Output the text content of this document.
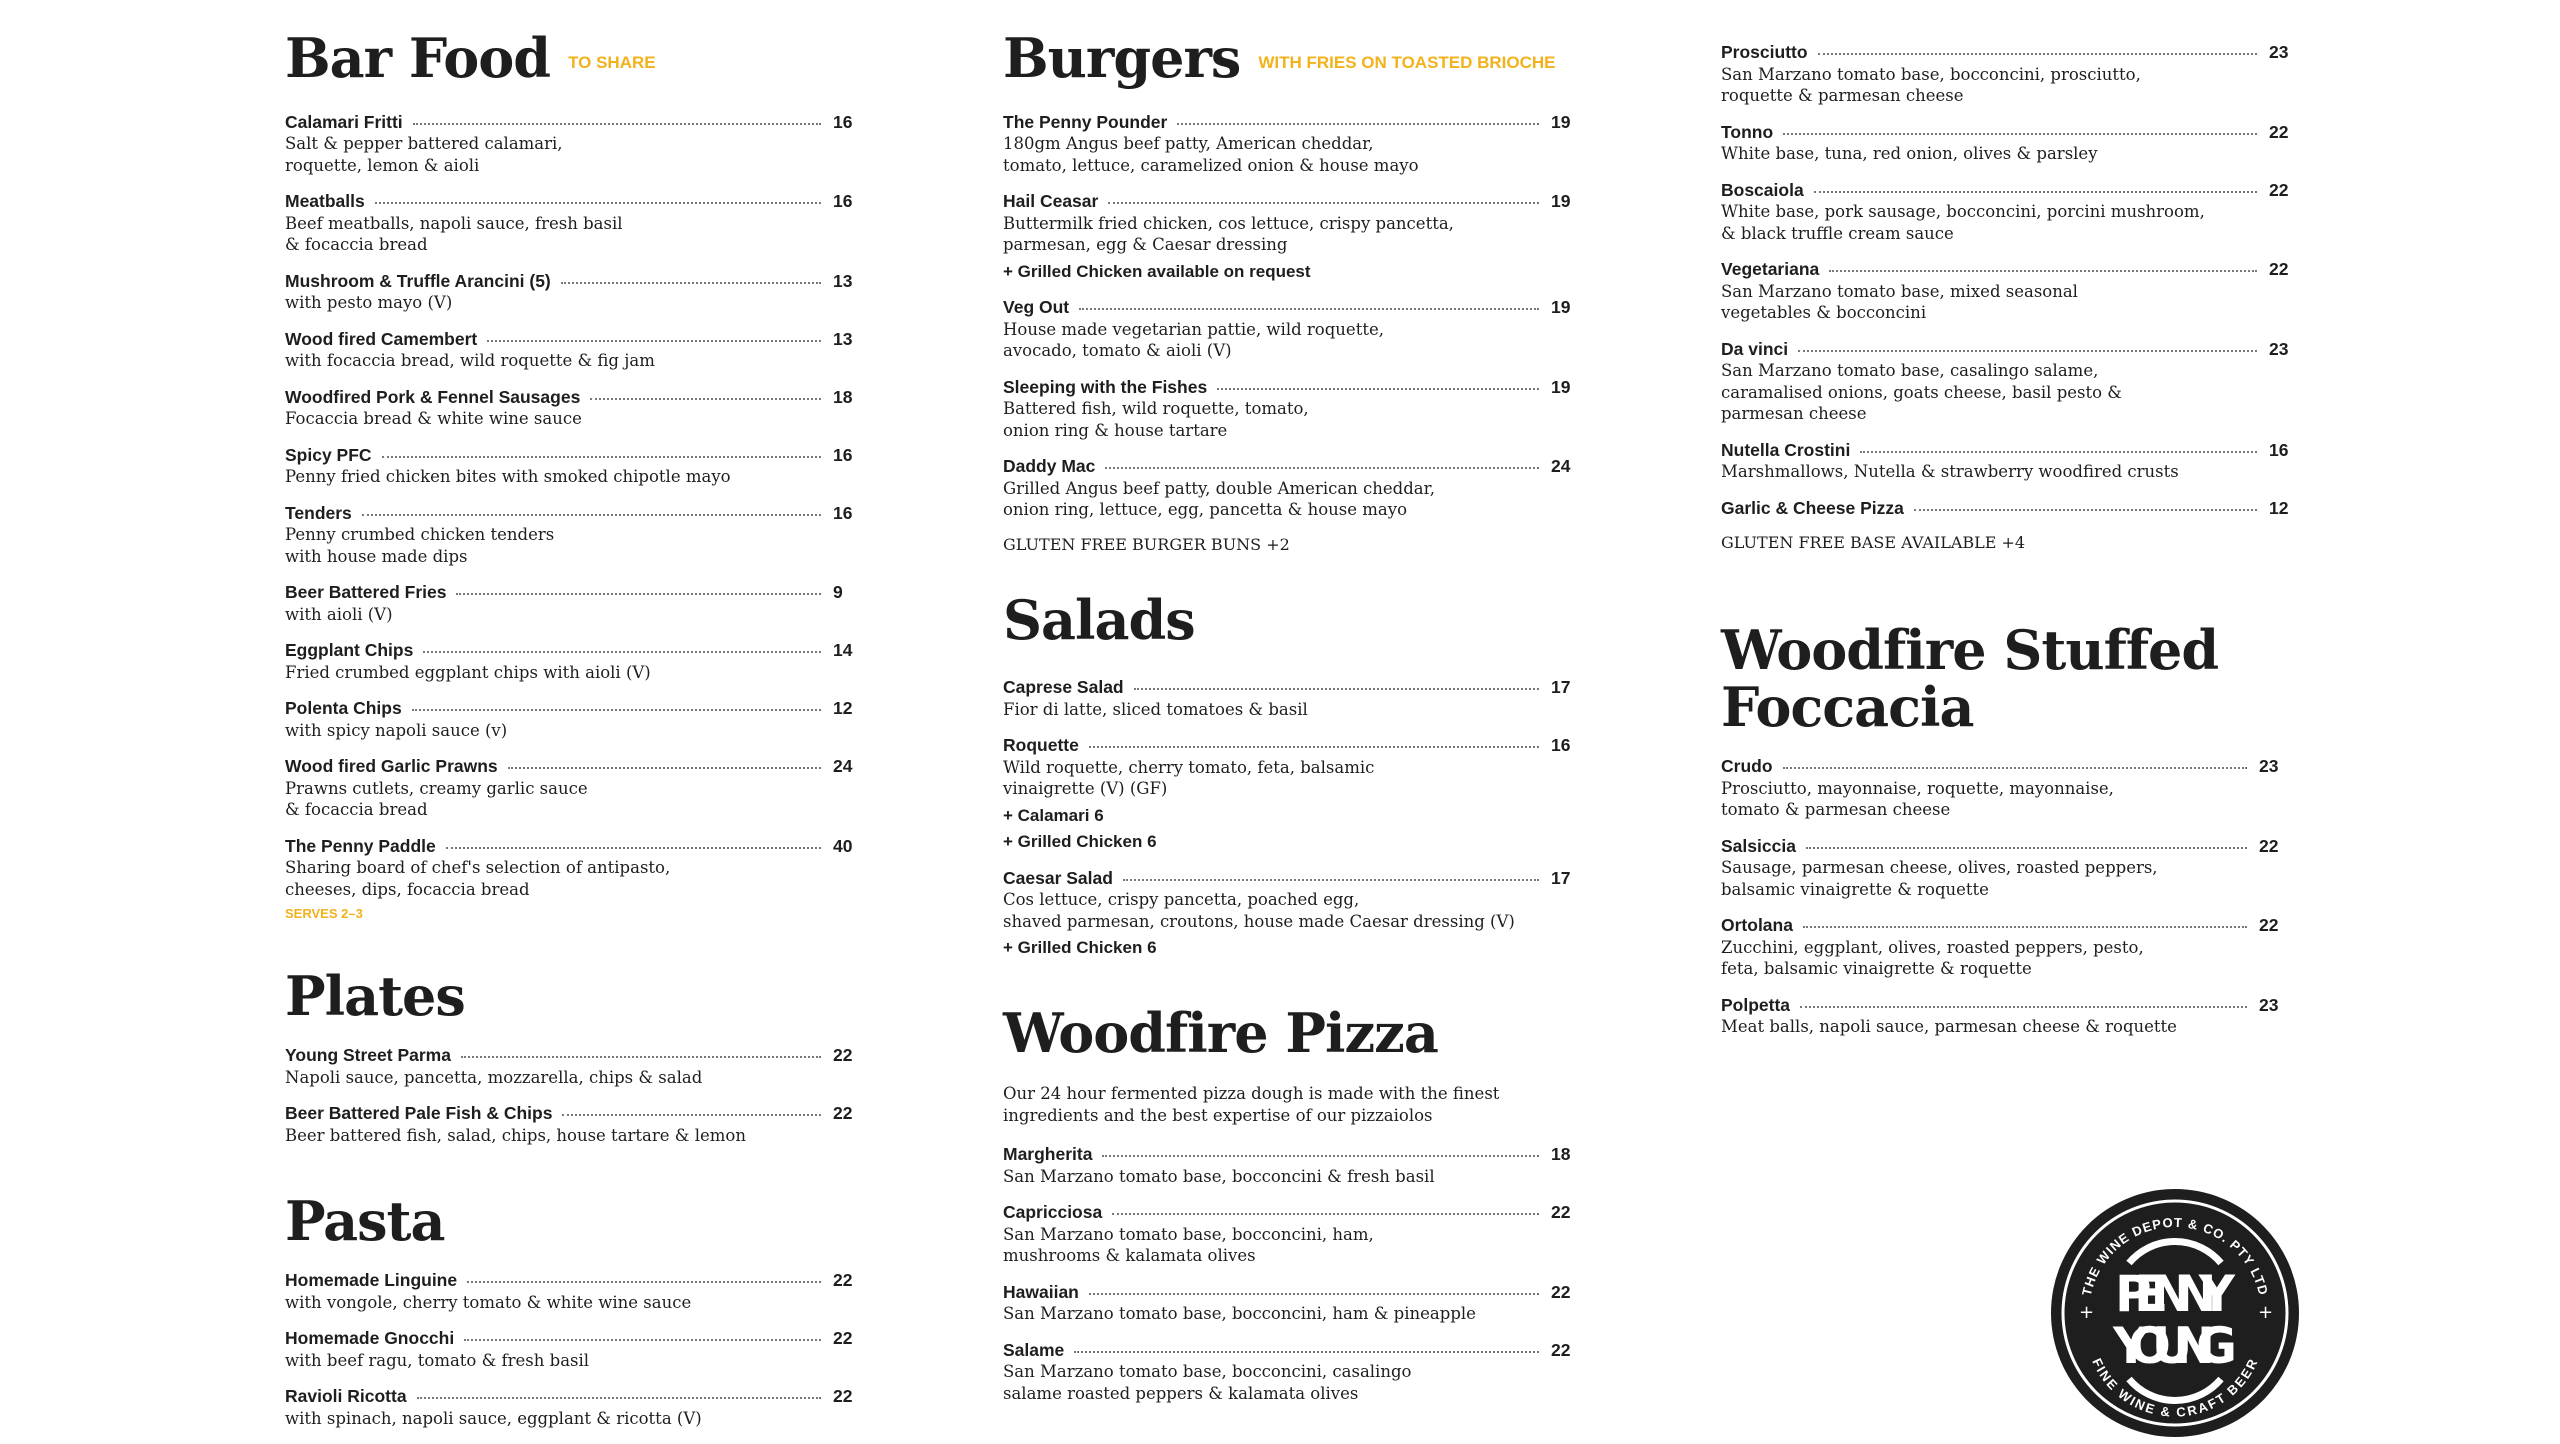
Bar Food TO SHARE
Calamari Fritti	16
Salt & pepper battered calamari,
roquette, lemon & aioli
Meatballs	16
Beef meatballs, napoli sauce, fresh basil
& focaccia bread
Mushroom & Truffle Arancini (5)	13
with pesto mayo (V)
Wood fired Camembert	13
with focaccia bread, wild roquette & fig jam
Woodfired Pork & Fennel Sausages	18
Focaccia bread & white wine sauce
Spicy PFC	16
Penny fried chicken bites with smoked chipotle mayo
Tenders	16
Penny crumbed chicken tenders
with house made dips
Beer Battered Fries	9
with aioli (V)
Eggplant Chips	14
Fried crumbed eggplant chips with aioli (V)
Polenta Chips	12
with spicy napoli sauce (v)
Wood fired Garlic Prawns	24
Prawns cutlets, creamy garlic sauce
& focaccia bread
The Penny Paddle	40
Sharing board of chef's selection of antipasto,
cheeses, dips, focaccia bread
SERVES 2–3
Plates
Young Street Parma	22
Napoli sauce, pancetta, mozzarella, chips & salad
Beer Battered Pale Fish & Chips	22
Beer battered fish, salad, chips, house tartare & lemon
Pasta
Homemade Linguine	22
with vongole, cherry tomato & white wine sauce
Homemade Gnocchi	22
with beef ragu, tomato & fresh basil
Ravioli Ricotta	22
with spinach, napoli sauce, eggplant & ricotta (V)
Burgers WITH FRIES ON TOASTED BRIOCHE
The Penny Pounder	19
180gm Angus beef patty, American cheddar,
tomato, lettuce, caramelized onion & house mayo
Hail Ceasar	19
Buttermilk fried chicken, cos lettuce, crispy pancetta,
parmesan, egg & Caesar dressing
+ Grilled Chicken available on request
Veg Out	19
House made vegetarian pattie, wild roquette,
avocado, tomato & aioli (V)
Sleeping with the Fishes	19
Battered fish, wild roquette, tomato,
onion ring & house tartare
Daddy Mac	24
Grilled Angus beef patty, double American cheddar,
onion ring, lettuce, egg, pancetta & house mayo
GLUTEN FREE BURGER BUNS +2
Salads
Caprese Salad	17
Fior di latte, sliced tomatoes & basil
Roquette	16
Wild roquette, cherry tomato, feta, balsamic
vinaigrette (V) (GF)
+ Calamari 6
+ Grilled Chicken 6
Caesar Salad	17
Cos lettuce, crispy pancetta, poached egg,
shaved parmesan, croutons, house made Caesar dressing (V)
+ Grilled Chicken 6
Woodfire Pizza
Our 24 hour fermented pizza dough is made with the finest
ingredients and the best expertise of our pizzaiolos
Margherita	18
San Marzano tomato base, bocconcini & fresh basil
Capricciosa	22
San Marzano tomato base, bocconcini, ham,
mushrooms & kalamata olives
Hawaiian	22
San Marzano tomato base, bocconcini, ham & pineapple
Salame	22
San Marzano tomato base, bocconcini, casalingo
salame roasted peppers & kalamata olives
Prosciutto	23
San Marzano tomato base, bocconcini, prosciutto,
roquette & parmesan cheese
Tonno	22
White base, tuna, red onion, olives & parsley
Boscaiola	22
White base, pork sausage, bocconcini, porcini mushroom,
& black truffle cream sauce
Vegetariana	22
San Marzano tomato base, mixed seasonal
vegetables & bocconcini
Da vinci	23
San Marzano tomato base, casalingo salame,
caramalised onions, goats cheese, basil pesto &
parmesan cheese
Nutella Crostini	16
Marshmallows, Nutella & strawberry woodfired crusts
Garlic & Cheese Pizza	12
GLUTEN FREE BASE AVAILABLE +4
Woodfire Stuffed Foccacia
Crudo	23
Prosciutto, mayonnaise, roquette, mayonnaise,
tomato & parmesan cheese
Salsiccia	22
Sausage, parmesan cheese, olives, roasted peppers,
balsamic vinaigrette & roquette
Ortolana	22
Zucchini, eggplant, olives, roasted peppers, pesto,
feta, balsamic vinaigrette & roquette
Polpetta	23
Meat balls, napoli sauce, parmesan cheese & roquette
THE WINE DEPOT & CO. PTY LTD
PENNY
YOUNG
+	+
FINE WINE & CRAFT BEER
